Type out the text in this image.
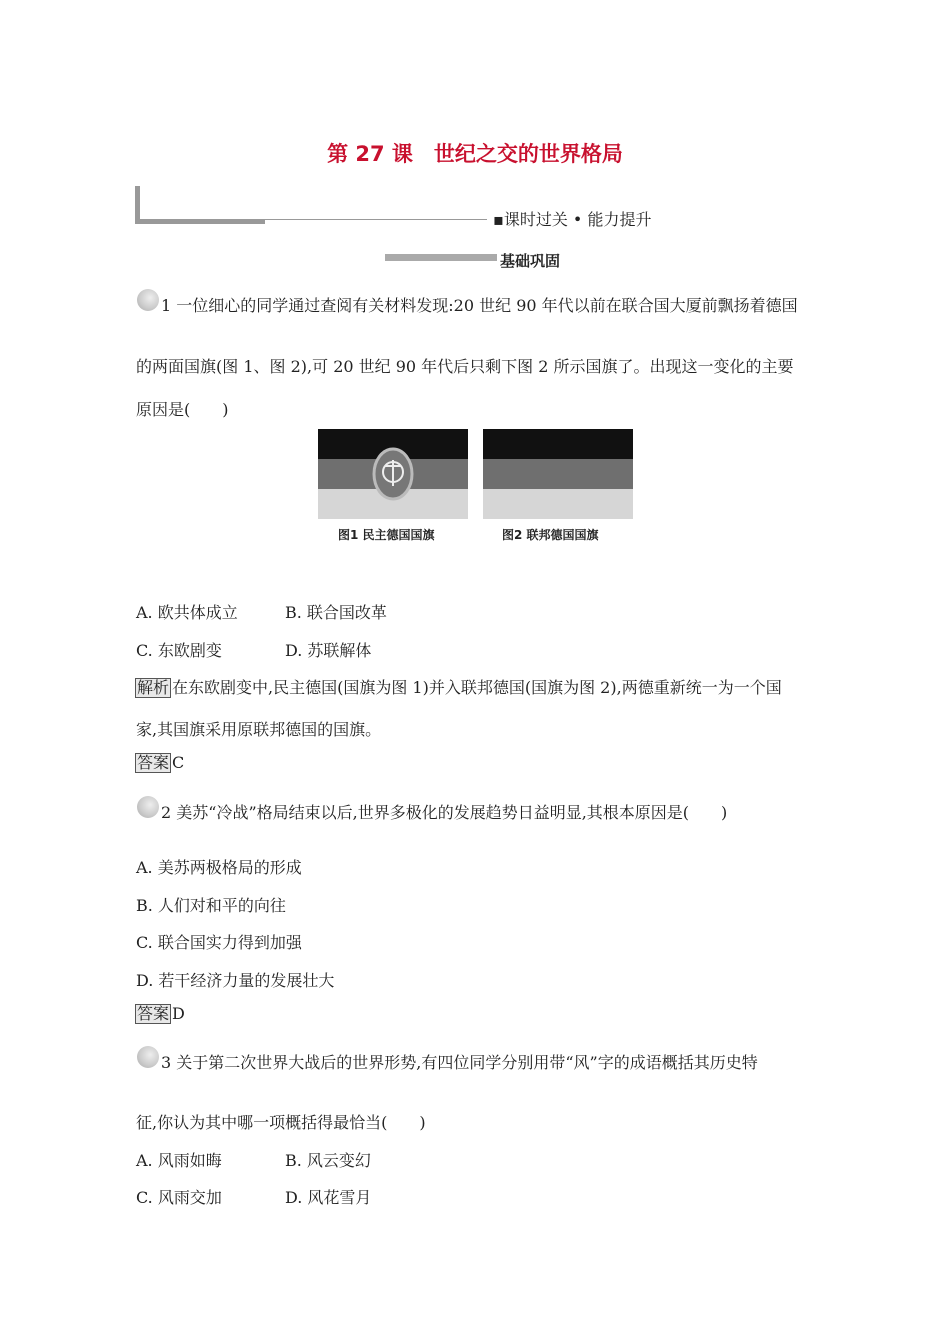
第 27 课　世纪之交的世界格局
▪课时过关 • 能力提升
基础巩固
1 一位细心的同学通过查阅有关材料发现:20 世纪 90 年代以前在联合国大厦前飘扬着德国
的两面国旗(图 1、图 2),可 20 世纪 90 年代后只剩下图 2 所示国旗了。出现这一变化的主要
原因是(　　)
图1 民主德国国旗	图2 联邦德国国旗
A. 欧共体成立	B. 联合国改革
C. 东欧剧变	D. 苏联解体
解析 在东欧剧变中,民主德国(国旗为图 1)并入联邦德国(国旗为图 2),两德重新统一为一个国
家,其国旗采用原联邦德国的国旗。
答案 C
2 美苏“冷战”格局结束以后,世界多极化的发展趋势日益明显,其根本原因是(　　)
A. 美苏两极格局的形成
B. 人们对和平的向往
C. 联合国实力得到加强
D. 若干经济力量的发展壮大
答案 D
3 关于第二次世界大战后的世界形势,有四位同学分别用带“风”字的成语概括其历史特
征,你认为其中哪一项概括得最恰当(　　)
A. 风雨如晦	B. 风云变幻
C. 风雨交加	D. 风花雪月
